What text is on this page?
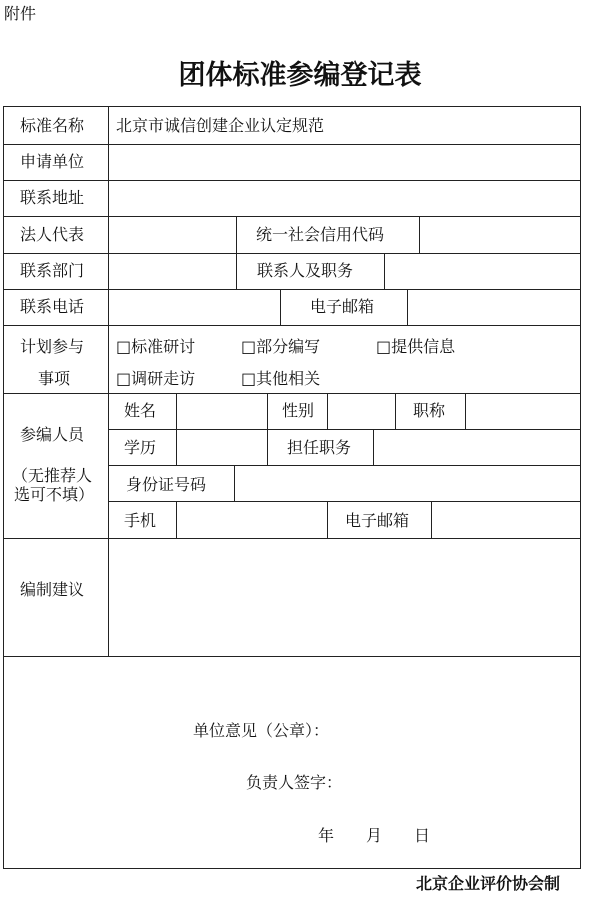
附件
团体标准参编登记表
标准名称 北京市诚信创建企业认定规范
申请单位
联系地址
法人代表	统一社会信用代码
联系部门	联系人及职务
联系电话	电子邮箱
计划参与
事项
□标准研讨	□部分编写	□提供信息
□调研走访	□其他相关
参编人员
（无推荐人
选可不填）
姓名	性别	职称
学历	担任职务
身份证号码
手机	电子邮箱
编制建议
单位意见（公章）：
负责人签字：
年　　月　　日
北京企业评价协会制
